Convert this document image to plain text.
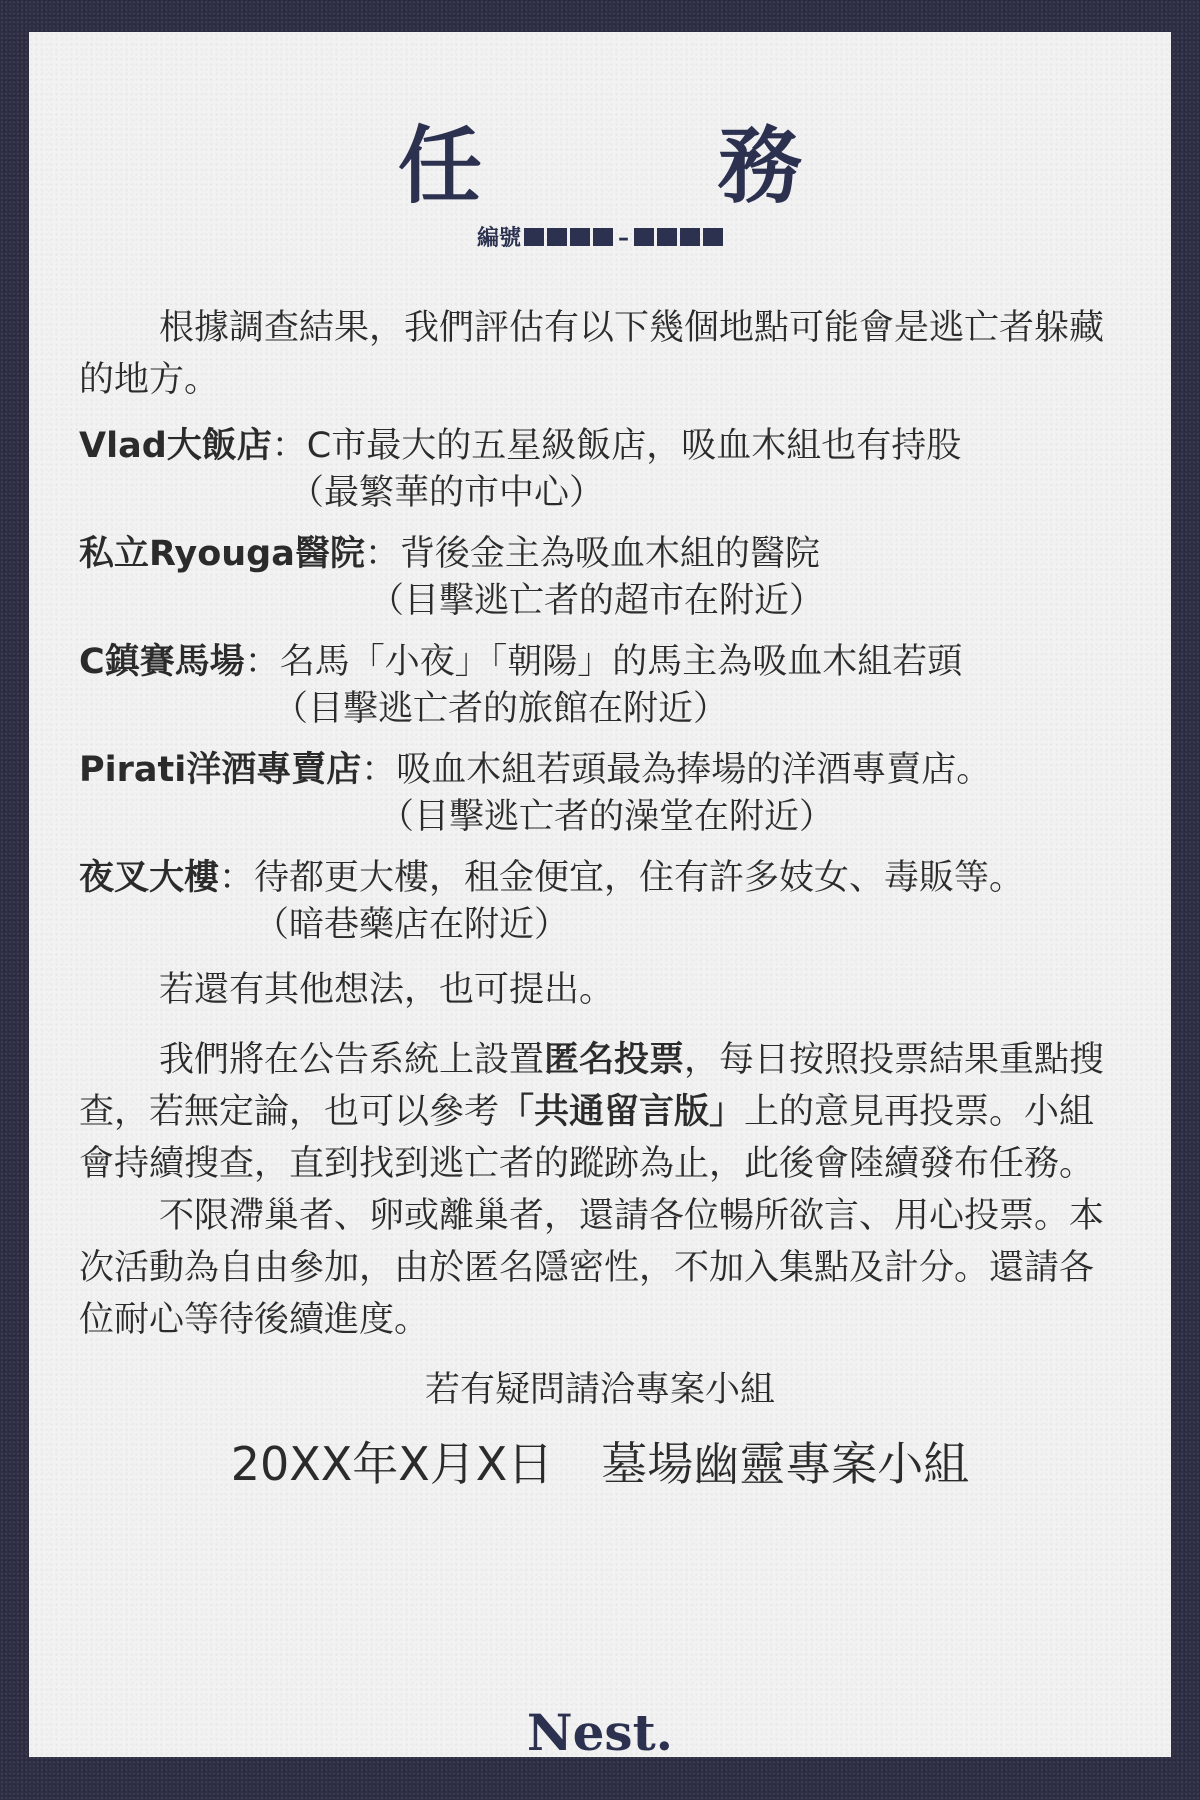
任　務
編號	–

根據調查結果，我們評估有以下幾個地點可能會是逃亡者躲藏的地方。

Vlad大飯店：C市最大的五星級飯店，吸血木組也有持股

（最繁華的市中心）

私立Ryouga醫院：背後金主為吸血木組的醫院

（目擊逃亡者的超市在附近）

C鎮賽馬場：名馬「小夜」「朝陽」的馬主為吸血木組若頭

（目擊逃亡者的旅館在附近）

Pirati洋酒專賣店：吸血木組若頭最為捧場的洋酒專賣店。

（目擊逃亡者的澡堂在附近）

夜叉大樓：待都更大樓，租金便宜，住有許多妓女、毒販等。

（暗巷藥店在附近）

若還有其他想法，也可提出。

我們將在公告系統上設置匿名投票，每日按照投票結果重點搜查，若無定論，也可以參考「共通留言版」上的意見再投票。小組會持續搜查，直到找到逃亡者的蹤跡為止，此後會陸續發布任務。

不限滯巢者、卵或離巢者，還請各位暢所欲言、用心投票。本次活動為自由參加，由於匿名隱密性，不加入集點及計分。還請各位耐心等待後續進度。

若有疑問請洽專案小組

20XX年X月X日 墓場幽靈專案小組

Nest.
